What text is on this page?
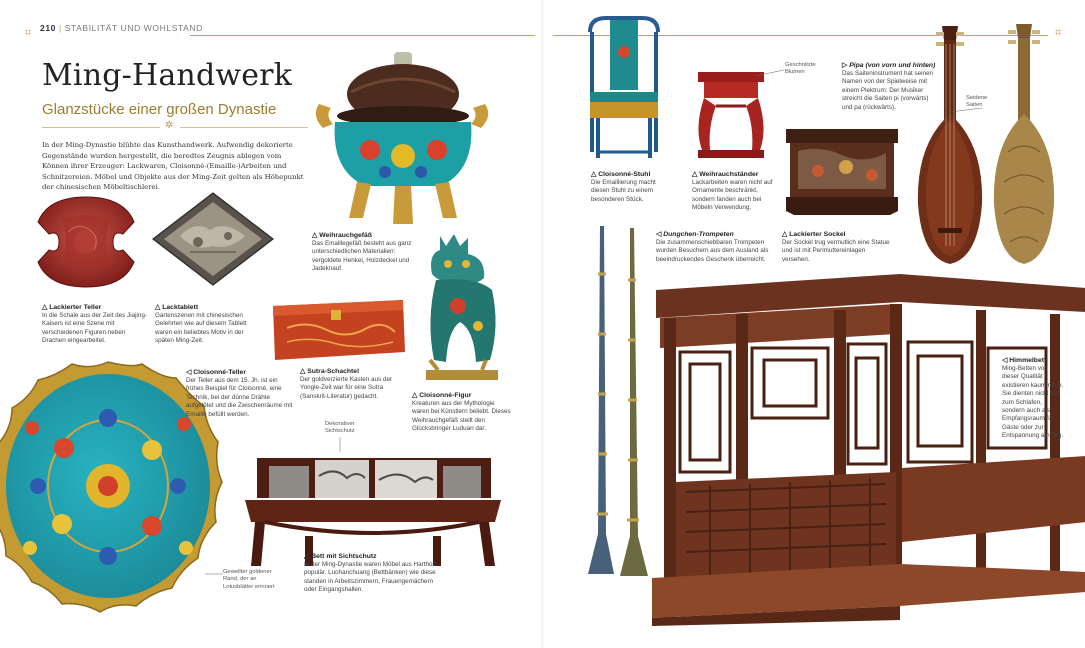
⌗	210 | STABILITÄT UND WOHLSTAND	⌗
Ming-Handwerk
Glanzstücke einer großen Dynastie
✲
In der Ming-Dynastie blühte das Kunsthandwerk. Aufwendig dekorierte Gegenstände wurden hergestellt, die beredtes Zeugnis ablegen vom Können ihrer Erzeuger: Lackwaren, Cloisonné-(Emaille-)Arbeiten und Schnitzereien. Möbel und Objekte aus der Ming-Zeit gelten als Höhepunkt der chinesischen Möbeltischlerei.
△ Lackierter Teller
In die Schale aus der Zeit des Jiajing-Kaisers ist eine Szene mit verschiedenen Figuren neben Drachen eingearbeitet.
△ Lacktablett
Gartenszenen mit chinesischen Gelehrten wie auf diesem Tablett waren ein beliebtes Motiv in der späten Ming-Zeit.
△ Weihrauchgefäß
Das Emaillegefäß besteht aus ganz unterschiedlichen Materialien: vergoldete Henkel, Holzdeckel und Jadeknauf.
◁ Cloisonné-Teller
Der Teller aus dem 15. Jh. ist ein frühes Beispiel für Cloisonné, eine Technik, bei der dünne Drähte aufgelötet und die Zwischenräume mit Emaille befüllt werden.
△ Sutra-Schachtel
Der goldverzierte Kasten aus der Yongle-Zeit war für eine Sutra (Sanskrit-Literatur) gedacht.	△ Cloisonné-Figur
Kreaturen aus der Mythologie waren bei Künstlern beliebt. Dieses Weihrauchgefäß stellt den Glücksbringer Luduan dar.
△ Bett mit Sichtschutz
In der Ming-Dynastie waren Möbel aus Hartholz populär. Luohanchuang (Bettbänken) wie diese standen in Arbeitszimmern, Frauengemächern oder Eingangshallen.
△ Cloisonné-Stuhl
Die Emaillierung macht diesen Stuhl zu einem besonderen Stück.
△ Weihrauchständer
Lackarbeiten waren nicht auf Ornamente beschränkt, sondern fanden auch bei Möbeln Verwendung.
△ Lackierter Sockel
Der Sockel trug vermutlich eine Statue und ist mit Perlmuttereinlagen versehen.
▷ Pipa (von vorn und hinten)
Das Saiteninstrument hat seinen Namen von der Spielweise mit einem Plektrum: Der Musiker streicht die Saiten pi (vorwärts) und pa (rückwärts).
◁ Dungchen-Trompeten
Die zusammenschiebbaren Trompeten wurden Besuchern aus dem Ausland als beeindruckendes Geschenk überreicht.
◁ Himmelbett
Ming-Betten von dieser Qualität existieren kaum noch. Sie dienten nicht nur zum Schlafen, sondern auch als Empfangsraum für Gäste oder zur Entspannung am Tag.
Dekorativer Sichtschutz
Geschnitzte Blumen
Seidene Saiten
Gewellter goldener Rand, der an Lotusblätter erinnert
